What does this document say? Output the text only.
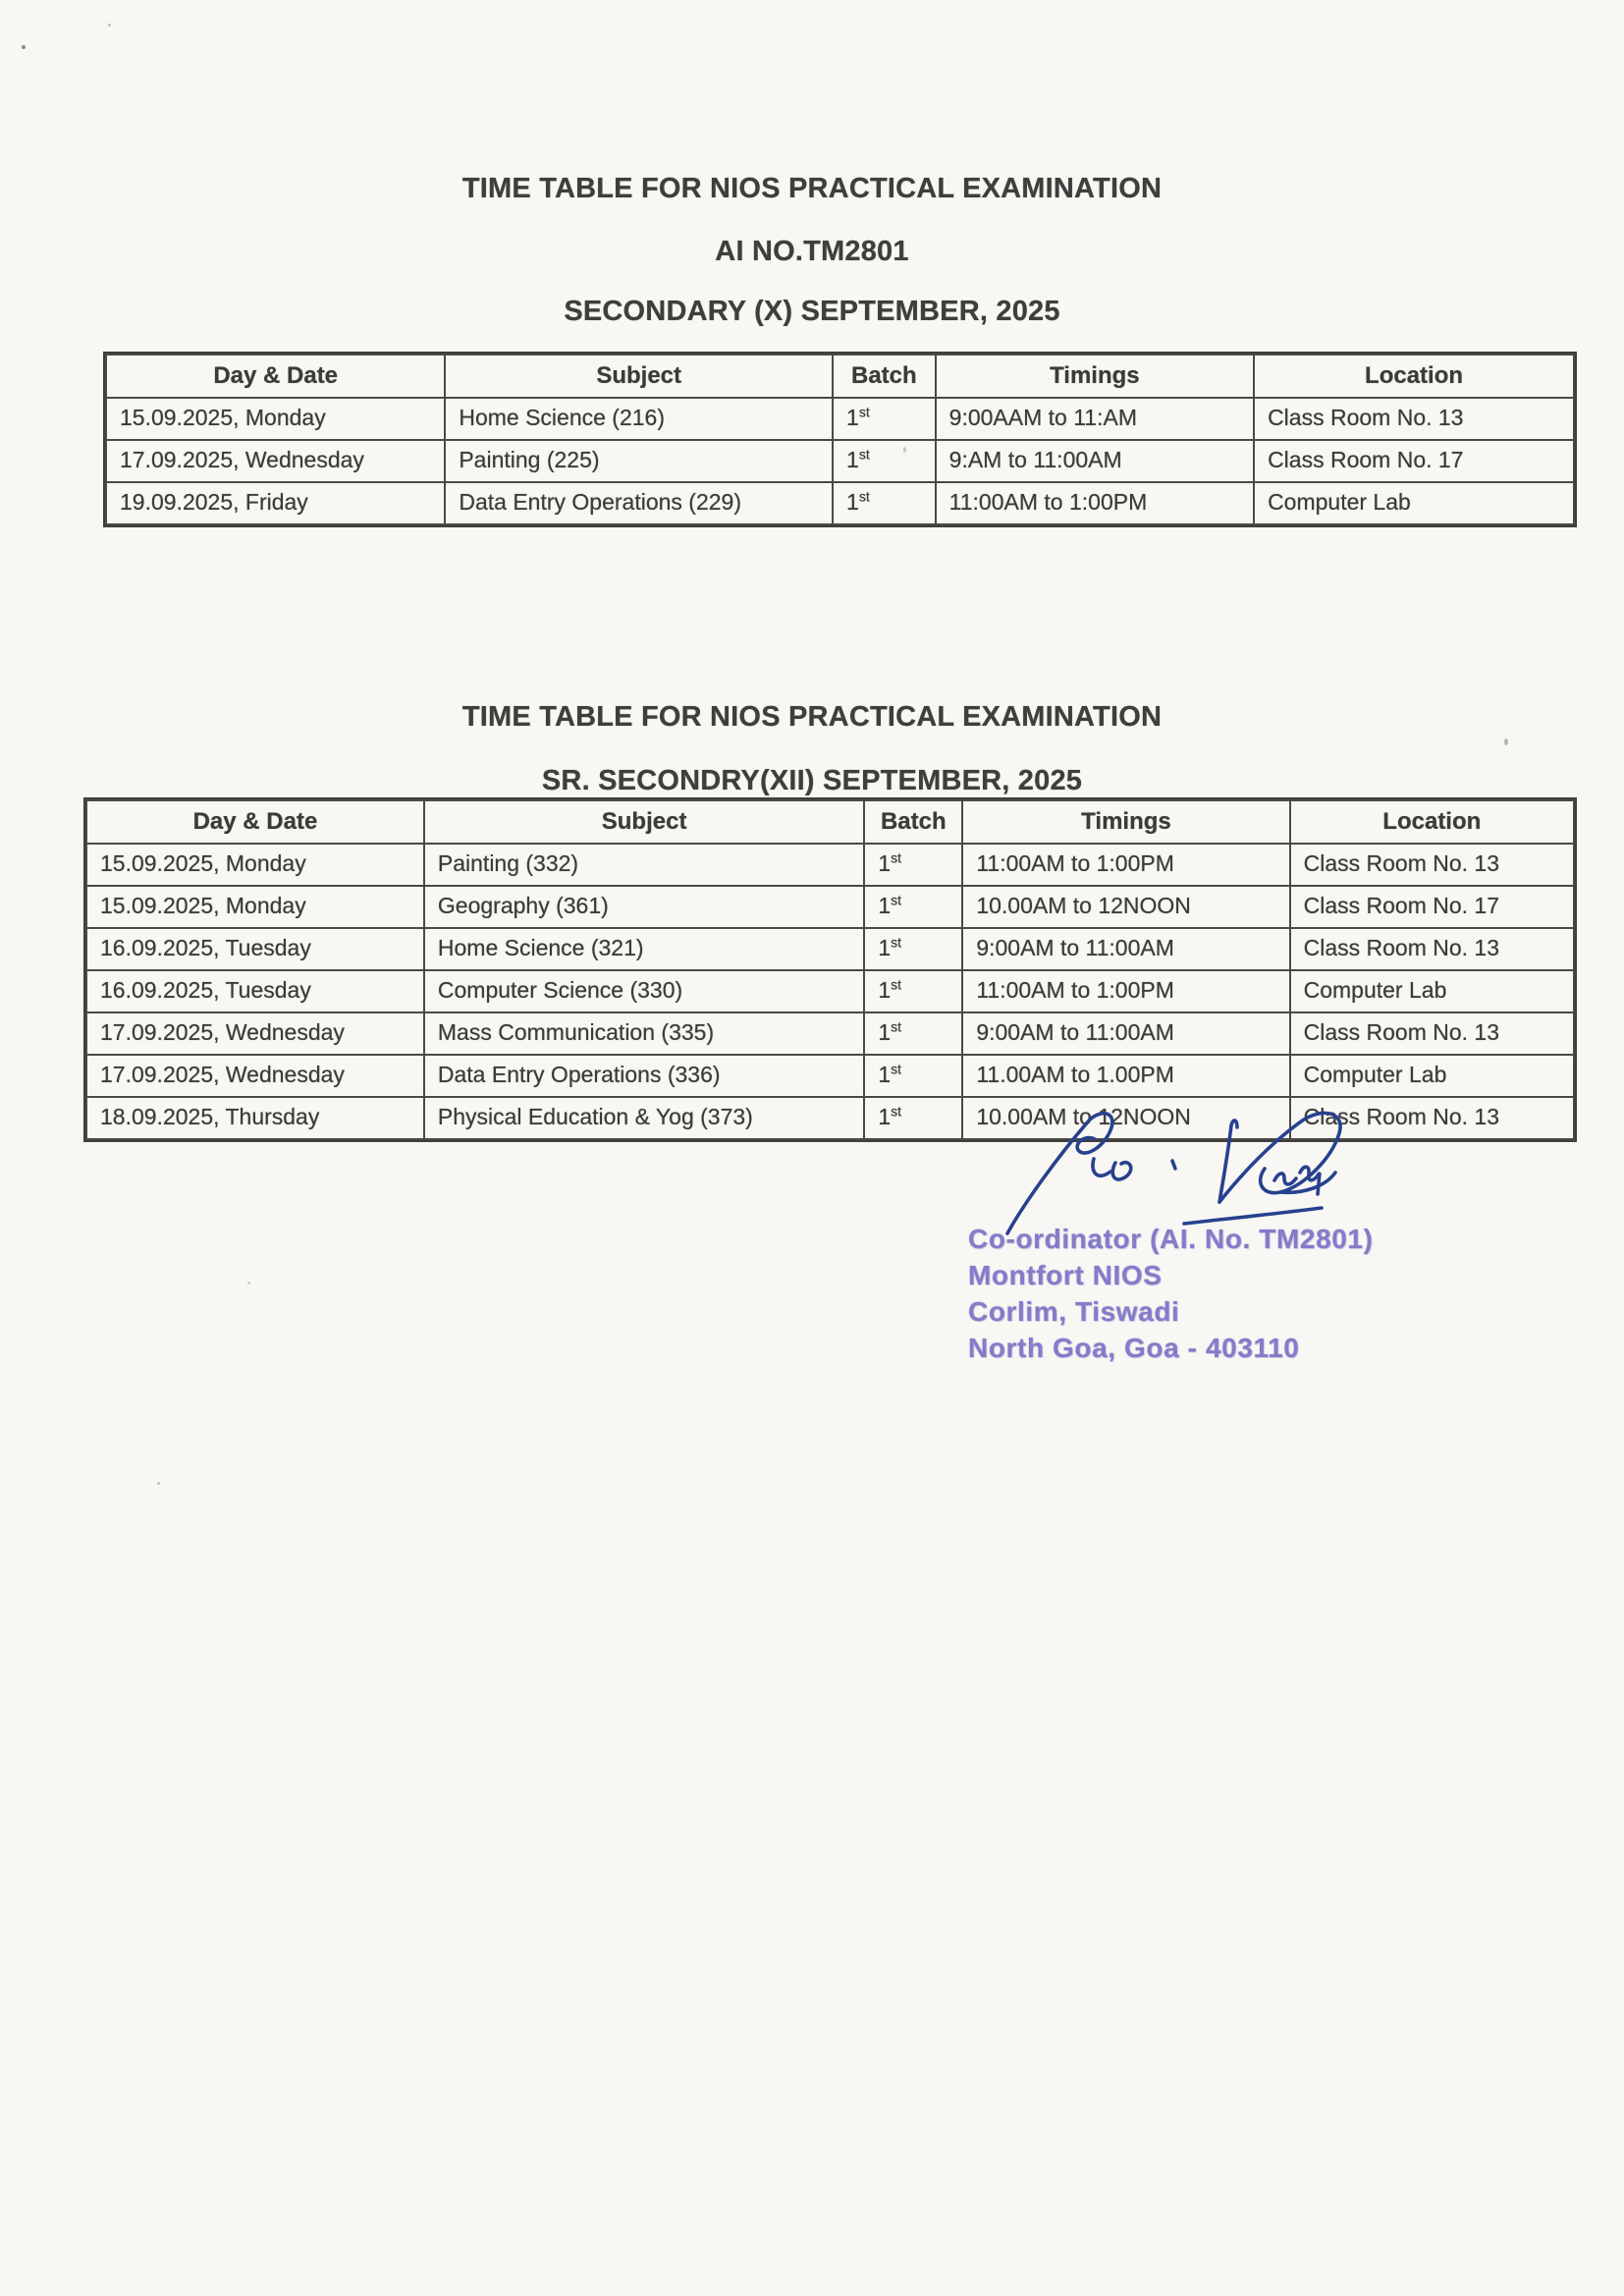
TIME TABLE FOR NIOS PRACTICAL EXAMINATION
AI NO.TM2801
SECONDARY (X) SEPTEMBER, 2025
Day & Date	Subject	Batch	Timings	Location
15.09.2025, Monday	Home Science (216)	1st	9:00AAM to 11:AM	Class Room No. 13
17.09.2025, Wednesday	Painting (225)	1st	9:AM to 11:00AM	Class Room No. 17
19.09.2025, Friday	Data Entry Operations (229)	1st	11:00AM to 1:00PM	Computer Lab
TIME TABLE FOR NIOS PRACTICAL EXAMINATION
SR. SECONDRY(XII) SEPTEMBER, 2025
Day & Date	Subject	Batch	Timings	Location
15.09.2025, Monday	Painting (332)	1st	11:00AM to 1:00PM	Class Room No. 13
15.09.2025, Monday	Geography (361)	1st	10.00AM to 12NOON	Class Room No. 17
16.09.2025, Tuesday	Home Science (321)	1st	9:00AM to 11:00AM	Class Room No. 13
16.09.2025, Tuesday	Computer Science (330)	1st	11:00AM to 1:00PM	Computer Lab
17.09.2025, Wednesday	Mass Communication (335)	1st	9:00AM to 11:00AM	Class Room No. 13
17.09.2025, Wednesday	Data Entry Operations (336)	1st	11.00AM to 1.00PM	Computer Lab
18.09.2025, Thursday	Physical Education & Yog (373)	1st	10.00AM to 12NOON	Class Room No. 13
Co-ordinator (AI. No. TM2801)
Montfort NIOS
Corlim, Tiswadi
North Goa, Goa - 403110
